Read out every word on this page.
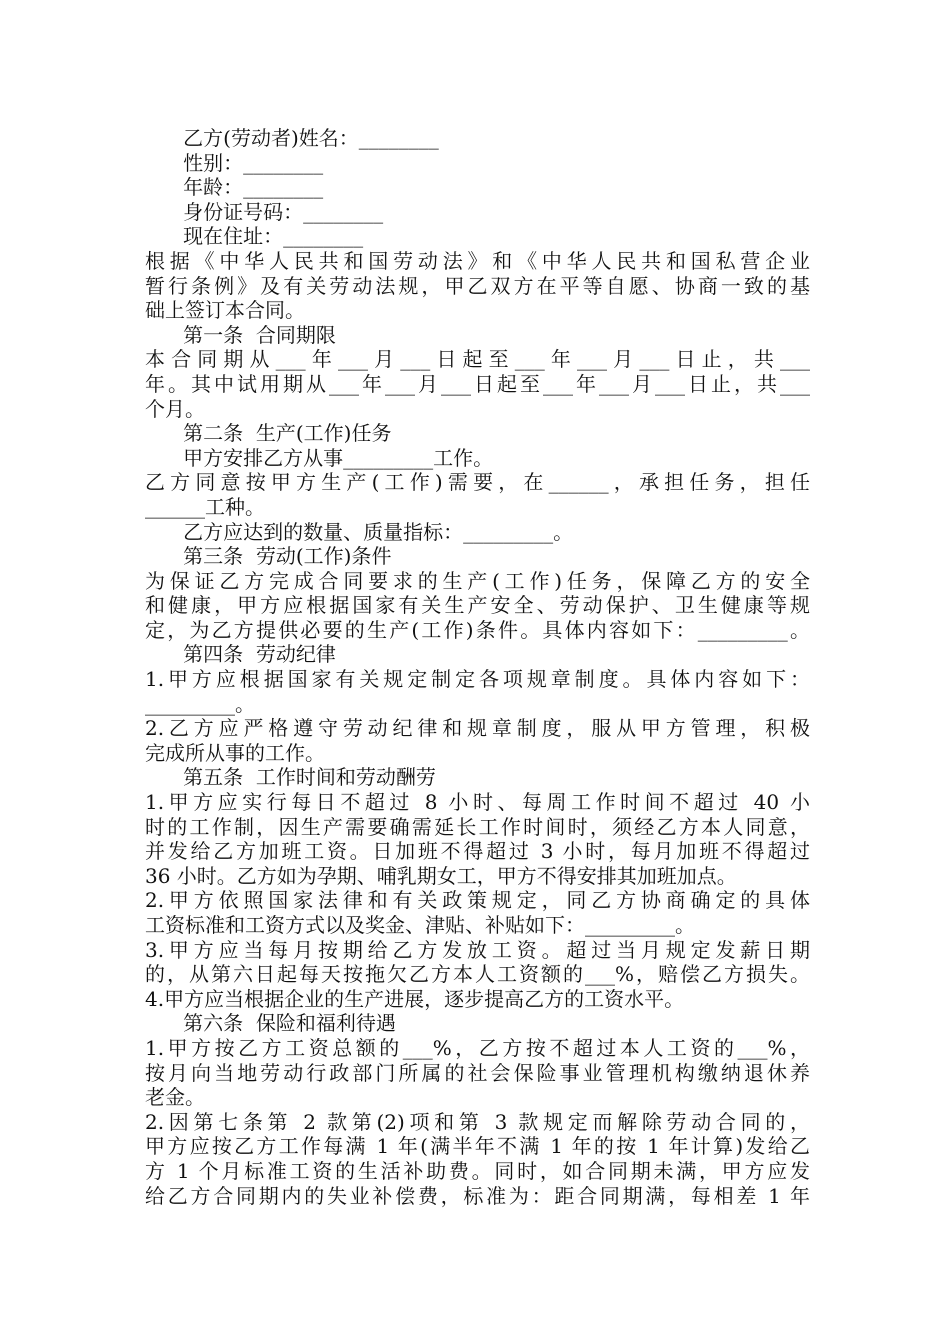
乙方(劳动者)姓名：________
性别：________
年龄：________
身份证号码：________
现在住址：________
根据《中华人民共和国劳动法》和《中华人民共和国私营企业
暂行条例》及有关劳动法规，甲乙双方在平等自愿、协商一致的基
础上签订本合同。
第一条  合同期限
本合同期从___年___月___日起至___年___月___日止，共___
年。其中试用期从___年___月___日起至___年___月___日止，共___
个月。
第二条  生产(工作)任务
甲方安排乙方从事_________工作。
乙方同意按甲方生产(工作)需要，在______，承担任务，担任
______工种。
乙方应达到的数量、质量指标：_________。
第三条  劳动(工作)条件
为保证乙方完成合同要求的生产(工作)任务，保障乙方的安全
和健康，甲方应根据国家有关生产安全、劳动保护、卫生健康等规
定，为乙方提供必要的生产(工作)条件。具体内容如下：_________。
第四条  劳动纪律
1.甲方应根据国家有关规定制定各项规章制度。具体内容如下：
_________。
2.乙方应严格遵守劳动纪律和规章制度，服从甲方管理，积极
完成所从事的工作。
第五条  工作时间和劳动酬劳
1.甲方应实行每日不超过 8 小时、每周工作时间不超过 40 小
时的工作制，因生产需要确需延长工作时间时，须经乙方本人同意，
并发给乙方加班工资。日加班不得超过 3 小时，每月加班不得超过
36 小时。乙方如为孕期、哺乳期女工，甲方不得安排其加班加点。
2.甲方依照国家法律和有关政策规定，同乙方协商确定的具体
工资标准和工资方式以及奖金、津贴、补贴如下：_________。
3.甲方应当每月按期给乙方发放工资。超过当月规定发薪日期
的，从第六日起每天按拖欠乙方本人工资额的___%，赔偿乙方损失。
4.甲方应当根据企业的生产进展，逐步提高乙方的工资水平。
第六条  保险和福利待遇
1.甲方按乙方工资总额的___%，乙方按不超过本人工资的___%，
按月向当地劳动行政部门所属的社会保险事业管理机构缴纳退休养
老金。
2.因第七条第 2 款第(2)项和第 3 款规定而解除劳动合同的，
甲方应按乙方工作每满 1 年(满半年不满 1 年的按 1 年计算)发给乙
方 1 个月标准工资的生活补助费。同时，如合同期未满，甲方应发
给乙方合同期内的失业补偿费，标准为：距合同期满，每相差 1 年
